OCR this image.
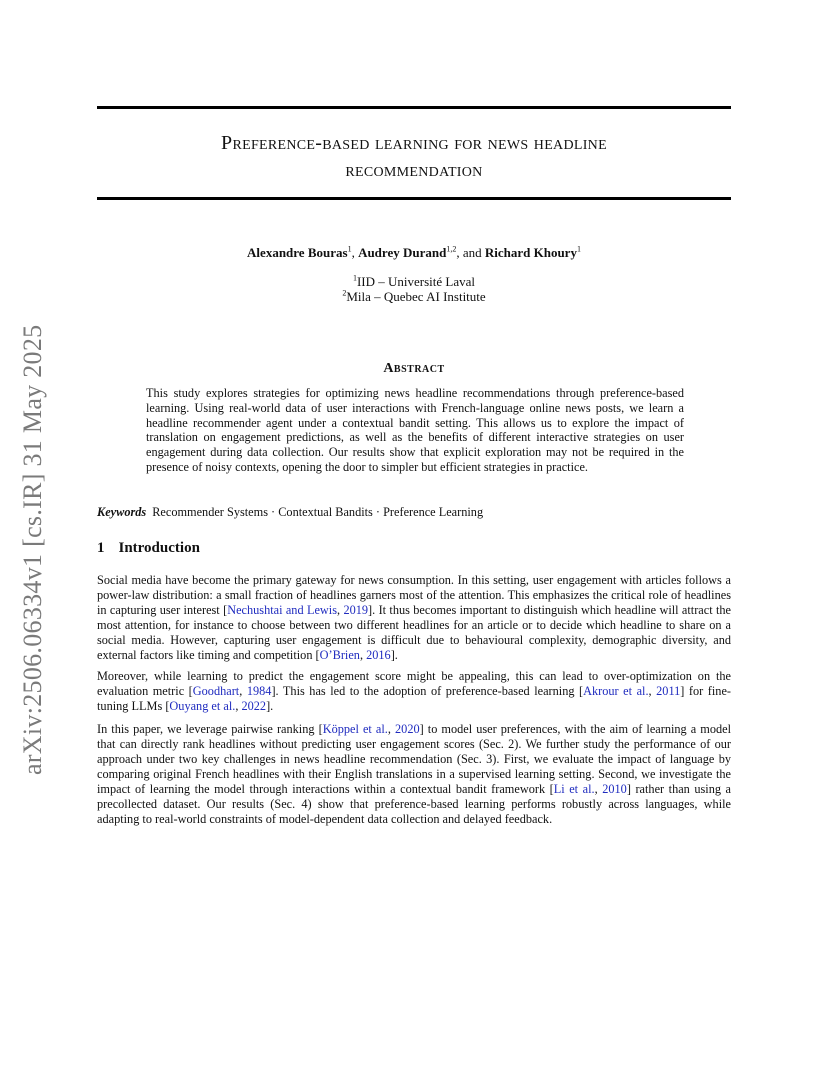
arXiv:2506.06334v1 [cs.IR] 31 May 2025
Preference-based learning for news headline
recommendation
Alexandre Bouras$^1$, Audrey Durand$^{1,2}$, and Richard Khoury$^1$
$^1$IID – Université Laval
$^2$Mila – Quebec AI Institute
Abstract
This study explores strategies for optimizing news headline recommendations through preference-based learning. Using real-world data of user interactions with French-language online news posts, we learn a headline recommender agent under a contextual bandit setting. This allows us to explore the impact of translation on engagement predictions, as well as the benefits of different interactive strategies on user engagement during data collection. Our results show that explicit exploration may not be required in the presence of noisy contexts, opening the door to simpler but efficient strategies in practice.
Keywords Recommender Systems · Contextual Bandits · Preference Learning
1 Introduction
Social media have become the primary gateway for news consumption. In this setting, user engagement with articles follows a power-law distribution: a small fraction of headlines garners most of the attention. This emphasizes the critical role of headlines in capturing user interest [Nechushtai and Lewis, 2019]. It thus becomes important to distinguish which headline will attract the most attention, for instance to choose between two different headlines for an article or to decide which headline to share on a social media. However, capturing user engagement is difficult due to behavioural complexity, demographic diversity, and external factors like timing and competition [O’Brien, 2016].
Moreover, while learning to predict the engagement score might be appealing, this can lead to over-optimization on the evaluation metric [Goodhart, 1984]. This has led to the adoption of preference-based learning [Akrour et al., 2011] for fine-tuning LLMs [Ouyang et al., 2022].
In this paper, we leverage pairwise ranking [Köppel et al., 2020] to model user preferences, with the aim of learning a model that can directly rank headlines without predicting user engagement scores (Sec. 2). We further study the performance of our approach under two key challenges in news headline recommendation (Sec. 3). First, we evaluate the impact of language by comparing original French headlines with their English translations in a supervised learning setting. Second, we investigate the impact of learning the model through interactions within a contextual bandit framework [Li et al., 2010] rather than using a precollected dataset. Our results (Sec. 4) show that preference-based learning performs robustly across languages, while adapting to real-world constraints of model-dependent data collection and delayed feedback.
